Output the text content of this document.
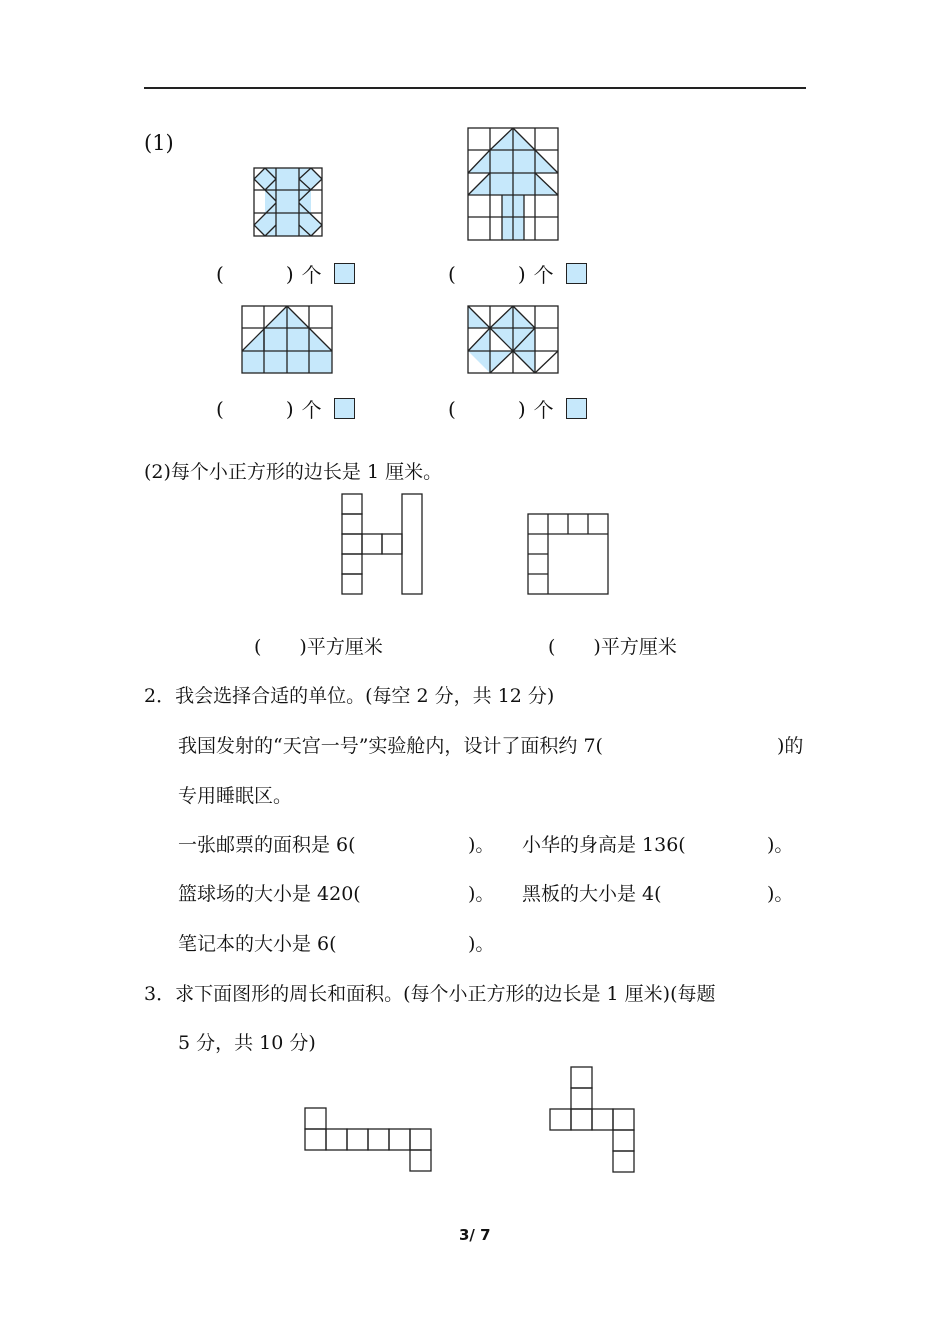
(1)
(	) 个	(	) 个
(	) 个	(	) 个
(2)每个小正方形的边长是 1 厘米。
( )平方厘米	( )平方厘米
2．我会选择合适的单位。(每空 2 分，共 12 分)
我国发射的“天宫一号”实验舱内，设计了面积约 7(	)的
专用睡眠区。
一张邮票的面积是 6(	)。 小华的身高是 136(	)。
篮球场的大小是 420(	)。 黑板的大小是 4(	)。
笔记本的大小是 6(	)。
3．求下面图形的周长和面积。(每个小正方形的边长是 1 厘米)(每题
5 分，共 10 分)
3/ 7
